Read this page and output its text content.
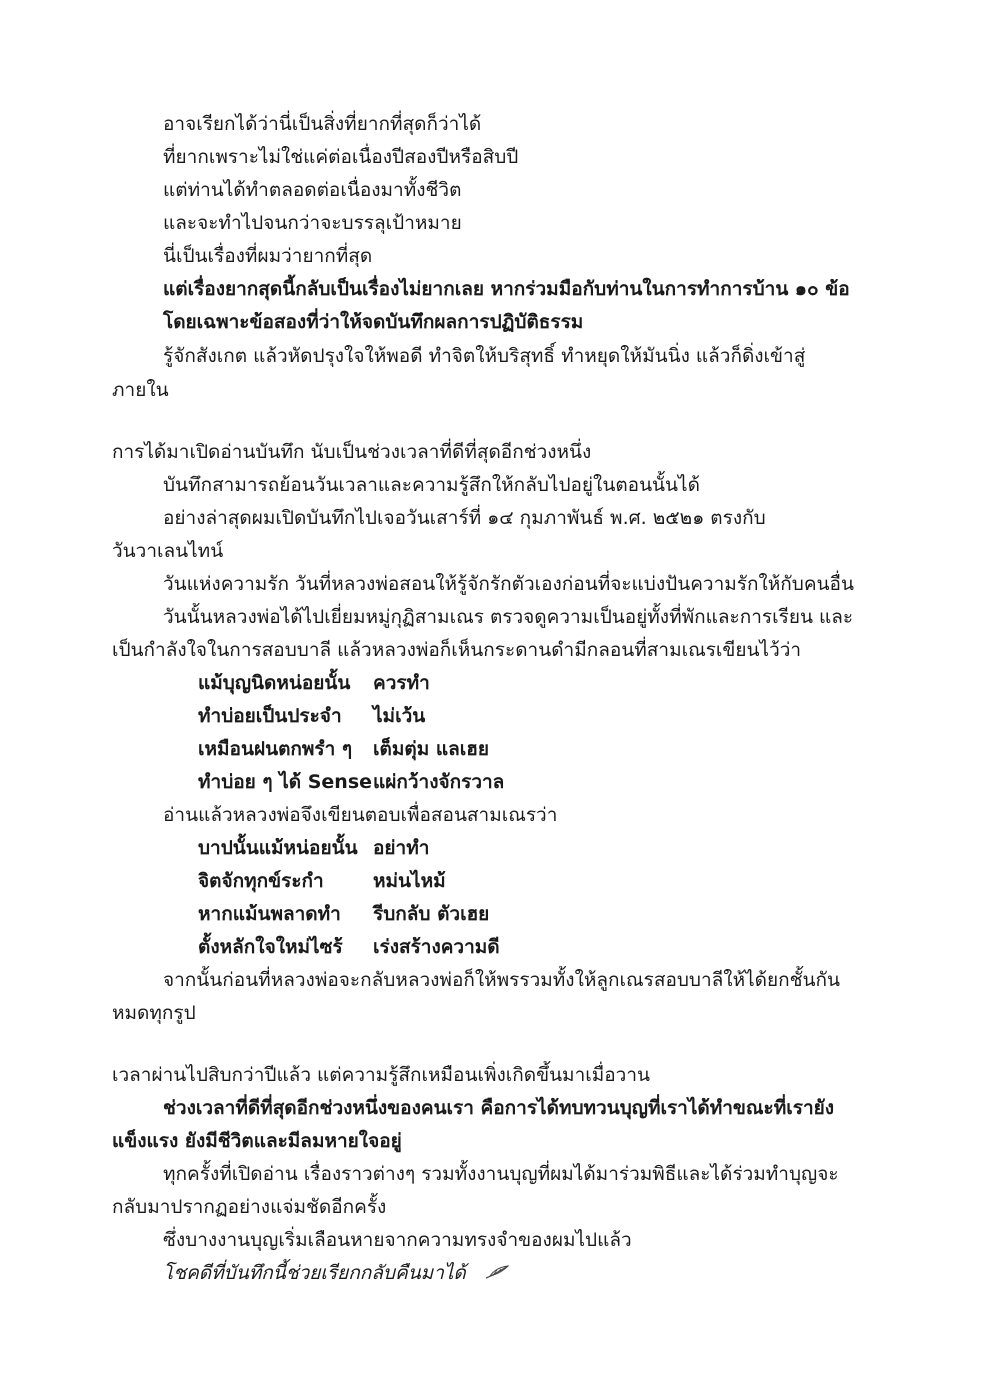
อาจเรียกได้ว่านี่เป็นสิ่งที่ยากที่สุดก็ว่าได้
ที่ยากเพราะไม่ใช่แค่ต่อเนื่องปีสองปีหรือสิบปี
แต่ท่านได้ทำตลอดต่อเนื่องมาทั้งชีวิต
และจะทำไปจนกว่าจะบรรลุเป้าหมาย
นี่เป็นเรื่องที่ผมว่ายากที่สุด
แต่เรื่องยากสุดนี้กลับเป็นเรื่องไม่ยากเลย หากร่วมมือกับท่านในการทำการบ้าน ๑๐ ข้อ
โดยเฉพาะข้อสองที่ว่าให้จดบันทึกผลการปฏิบัติธรรม
รู้จักสังเกต แล้วหัดปรุงใจให้พอดี ทำจิตให้บริสุทธิ์ ทำหยุดให้มันนิ่ง แล้วก็ดิ่งเข้าสู่
ภายใน
การได้มาเปิดอ่านบันทึก นับเป็นช่วงเวลาที่ดีที่สุดอีกช่วงหนึ่ง
บันทึกสามารถย้อนวันเวลาและความรู้สึกให้กลับไปอยู่ในตอนนั้นได้
อย่างล่าสุดผมเปิดบันทึกไปเจอวันเสาร์ที่ ๑๔ กุมภาพันธ์ พ.ศ. ๒๕๒๑ ตรงกับ
วันวาเลนไทน์
วันแห่งความรัก วันที่หลวงพ่อสอนให้รู้จักรักตัวเองก่อนที่จะแบ่งปันความรักให้กับคนอื่น
วันนั้นหลวงพ่อได้ไปเยี่ยมหมู่กุฏิสามเณร ตรวจดูความเป็นอยู่ทั้งที่พักและการเรียน และ
เป็นกำลังใจในการสอบบาลี แล้วหลวงพ่อก็เห็นกระดานดำมีกลอนที่สามเณรเขียนไว้ว่า
แม้บุญนิดหน่อยนั้น ควรทำ
ทำบ่อยเป็นประจำ ไม่เว้น
เหมือนฝนตกพรำ ๆ เต็มตุ่ม แลเฮย
ทำบ่อย ๆ ได้ Sense แผ่กว้างจักรวาล
อ่านแล้วหลวงพ่อจึงเขียนตอบเพื่อสอนสามเณรว่า
บาปนั้นแม้หน่อยนั้น อย่าทำ
จิตจักทุกข์ระกำ	หม่นไหม้
หากแม้นพลาดทำ รีบกลับ ตัวเฮย
ตั้งหลักใจใหม่ไซร้ เร่งสร้างความดี
จากนั้นก่อนที่หลวงพ่อจะกลับหลวงพ่อก็ให้พรรวมทั้งให้ลูกเณรสอบบาลีให้ได้ยกชั้นกัน
หมดทุกรูป
เวลาผ่านไปสิบกว่าปีแล้ว แต่ความรู้สึกเหมือนเพิ่งเกิดขึ้นมาเมื่อวาน
ช่วงเวลาที่ดีที่สุดอีกช่วงหนึ่งของคนเรา คือการได้ทบทวนบุญที่เราได้ทำขณะที่เรายัง
แข็งแรง ยังมีชีวิตและมีลมหายใจอยู่
ทุกครั้งที่เปิดอ่าน เรื่องราวต่างๆ รวมทั้งงานบุญที่ผมได้มาร่วมพิธีและได้ร่วมทำบุญจะ
กลับมาปรากฏอย่างแจ่มชัดอีกครั้ง
ซึ่งบางงานบุญเริ่มเลือนหายจากความทรงจำของผมไปแล้ว
โชคดีที่บันทึกนี้ช่วยเรียกกลับคืนมาได้
